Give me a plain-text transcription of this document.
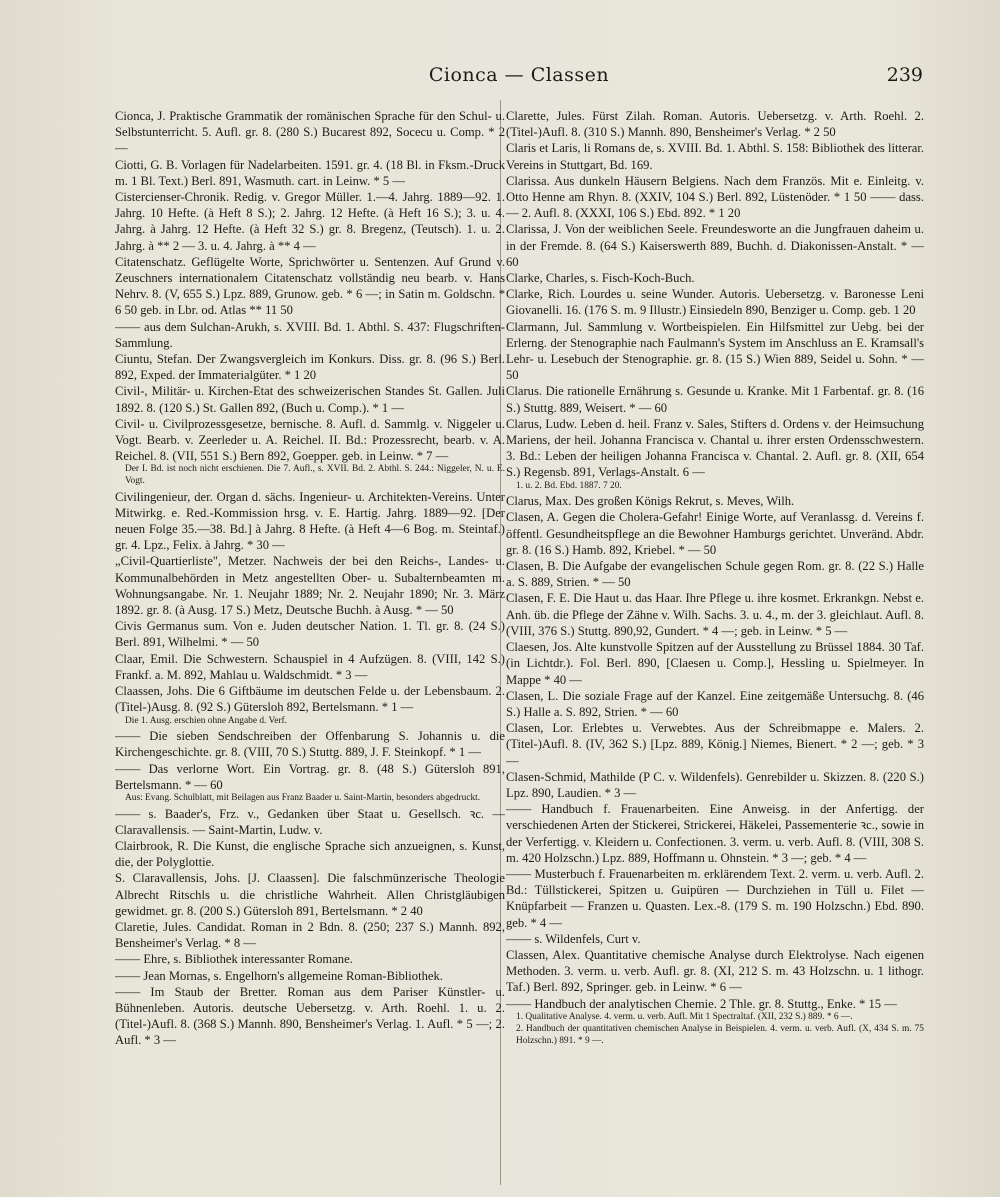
Cionca — Classen	239

Cionca, J. Praktische Grammatik der romänischen Sprache für den Schul- u. Selbstunterricht. 5. Aufl. gr. 8. (280 S.) Bucarest 892, Socecu u. Comp. * 2 —

Ciotti, G. B. Vorlagen für Nadelarbeiten. 1591. gr. 4. (18 Bl. in Fksm.-Druck m. 1 Bl. Text.) Berl. 891, Wasmuth. cart. in Leinw. * 5 —

Cistercienser-Chronik. Redig. v. Gregor Müller. 1.—4. Jahrg. 1889—92. 1. Jahrg. 10 Hefte. (à Heft 8 S.); 2. Jahrg. 12 Hefte. (à Heft 16 S.); 3. u. 4. Jahrg. à Jahrg. 12 Hefte. (à Heft 32 S.) gr. 8. Bregenz, (Teutsch). 1. u. 2. Jahrg. à ** 2 — 3. u. 4. Jahrg. à ** 4 —

Citatenschatz. Geflügelte Worte, Sprichwörter u. Sentenzen. Auf Grund v. Zeuschners internationalem Citatenschatz vollständig neu bearb. v. Hans Nehrv. 8. (V, 655 S.) Lpz. 889, Grunow. geb. * 6 —; in Satin m. Goldschn. * 6 50 geb. in Lbr. od. Atlas ** 11 50

—— aus dem Sulchan-Arukh, s. XVIII. Bd. 1. Abthl. S. 437: Flugschriften-Sammlung.

Ciuntu, Stefan. Der Zwangsvergleich im Konkurs. Diss. gr. 8. (96 S.) Berl. 892, Exped. der Immaterialgüter. * 1 20

Civil-, Militär- u. Kirchen-Etat des schweizerischen Standes St. Gallen. Juli 1892. 8. (120 S.) St. Gallen 892, (Buch u. Comp.). * 1 —

Civil- u. Civilprozessgesetze, bernische. 8. Aufl. d. Sammlg. v. Niggeler u. Vogt. Bearb. v. Zeerleder u. A. Reichel. II. Bd.: Prozessrecht, bearb. v. A. Reichel. 8. (VII, 551 S.) Bern 892, Goepper. geb. in Leinw. * 7 —

Der I. Bd. ist noch nicht erschienen. Die 7. Aufl., s. XVII. Bd. 2. Abthl. S. 244.: Niggeler, N. u. E. Vogt.

Civilingenieur, der. Organ d. sächs. Ingenieur- u. Architekten-Vereins. Unter Mitwirkg. e. Red.-Kommission hrsg. v. E. Hartig. Jahrg. 1889—92. [Der neuen Folge 35.—38. Bd.] à Jahrg. 8 Hefte. (à Heft 4—6 Bog. m. Steintaf.) gr. 4. Lpz., Felix. à Jahrg. * 30 —

„Civil-Quartierliste", Metzer. Nachweis der bei den Reichs-, Landes- u. Kommunalbehörden in Metz angestellten Ober- u. Subalternbeamten m. Wohnungsangabe. Nr. 1. Neujahr 1889; Nr. 2. Neujahr 1890; Nr. 3. März 1892. gr. 8. (à Ausg. 17 S.) Metz, Deutsche Buchh. à Ausg. * — 50

Civis Germanus sum. Von e. Juden deutscher Nation. 1. Tl. gr. 8. (24 S.) Berl. 891, Wilhelmi. * — 50

Claar, Emil. Die Schwestern. Schauspiel in 4 Aufzügen. 8. (VIII, 142 S.) Frankf. a. M. 892, Mahlau u. Waldschmidt. * 3 —

Claassen, Johs. Die 6 Giftbäume im deutschen Felde u. der Lebensbaum. 2. (Titel-)Ausg. 8. (92 S.) Gütersloh 892, Bertelsmann. * 1 —

Die 1. Ausg. erschien ohne Angabe d. Verf.

—— Die sieben Sendschreiben der Offenbarung S. Johannis u. die Kirchengeschichte. gr. 8. (VIII, 70 S.) Stuttg. 889, J. F. Steinkopf. * 1 —

—— Das verlorne Wort. Ein Vortrag. gr. 8. (48 S.) Gütersloh 891, Bertelsmann. * — 60

Aus: Evang. Schulblatt, mit Beilagen aus Franz Baader u. Saint-Martin, besonders abgedruckt.

—— s. Baader's, Frz. v., Gedanken über Staat u. Gesellsch. ꝛc. — Claravallensis. — Saint-Martin, Ludw. v.

Clairbrook, R. Die Kunst, die englische Sprache sich anzueignen, s. Kunst, die, der Polyglottie.

S. Claravallensis, Johs. [J. Claassen]. Die falschmünzerische Theologie Albrecht Ritschls u. die christliche Wahrheit. Allen Christgläubigen gewidmet. gr. 8. (200 S.) Gütersloh 891, Bertelsmann. * 2 40

Claretie, Jules. Candidat. Roman in 2 Bdn. 8. (250; 237 S.) Mannh. 892, Bensheimer's Verlag. * 8 —

—— Ehre, s. Bibliothek interessanter Romane.

—— Jean Mornas, s. Engelhorn's allgemeine Roman-Bibliothek.

—— Im Staub der Bretter. Roman aus dem Pariser Künstler- u. Bühnenleben. Autoris. deutsche Uebersetzg. v. Arth. Roehl. 1. u. 2. (Titel-)Aufl. 8. (368 S.) Mannh. 890, Bensheimer's Verlag. 1. Aufl. * 5 —; 2. Aufl. * 3 —

Clarette, Jules. Fürst Zilah. Roman. Autoris. Uebersetzg. v. Arth. Roehl. 2. (Titel-)Aufl. 8. (310 S.) Mannh. 890, Bensheimer's Verlag. * 2 50

Claris et Laris, li Romans de, s. XVIII. Bd. 1. Abthl. S. 158: Bibliothek des litterar. Vereins in Stuttgart, Bd. 169.

Clarissa. Aus dunkeln Häusern Belgiens. Nach dem Französ. Mit e. Einleitg. v. Otto Henne am Rhyn. 8. (XXIV, 104 S.) Berl. 892, Lüstenöder. * 1 50 —— dass. — 2. Aufl. 8. (XXXI, 106 S.) Ebd. 892. * 1 20

Clarissa, J. Von der weiblichen Seele. Freundesworte an die Jungfrauen daheim u. in der Fremde. 8. (64 S.) Kaiserswerth 889, Buchh. d. Diakonissen-Anstalt. * — 60

Clarke, Charles, s. Fisch-Koch-Buch.

Clarke, Rich. Lourdes u. seine Wunder. Autoris. Uebersetzg. v. Baronesse Leni Giovanelli. 16. (176 S. m. 9 Illustr.) Einsiedeln 890, Benziger u. Comp. geb. 1 20

Clarmann, Jul. Sammlung v. Wortbeispielen. Ein Hilfsmittel zur Uebg. bei der Erlerng. der Stenographie nach Faulmann's System im Anschluss an E. Kramsall's Lehr- u. Lesebuch der Stenographie. gr. 8. (15 S.) Wien 889, Seidel u. Sohn. * — 50

Clarus. Die rationelle Ernährung s. Gesunde u. Kranke. Mit 1 Farbentaf. gr. 8. (16 S.) Stuttg. 889, Weisert. * — 60

Clarus, Ludw. Leben d. heil. Franz v. Sales, Stifters d. Ordens v. der Heimsuchung Mariens, der heil. Johanna Francisca v. Chantal u. ihrer ersten Ordensschwestern. 3. Bd.: Leben der heiligen Johanna Francisca v. Chantal. 2. Aufl. gr. 8. (XII, 654 S.) Regensb. 891, Verlags-Anstalt. 6 —

1. u. 2. Bd. Ebd. 1887. 7 20.

Clarus, Max. Des großen Königs Rekrut, s. Meves, Wilh.

Clasen, A. Gegen die Cholera-Gefahr! Einige Worte, auf Veranlassg. d. Vereins f. öffentl. Gesundheitspflege an die Bewohner Hamburgs gerichtet. Unveränd. Abdr. gr. 8. (16 S.) Hamb. 892, Kriebel. * — 50

Clasen, B. Die Aufgabe der evangelischen Schule gegen Rom. gr. 8. (22 S.) Halle a. S. 889, Strien. * — 50

Clasen, F. E. Die Haut u. das Haar. Ihre Pflege u. ihre kosmet. Erkrankgn. Nebst e. Anh. üb. die Pflege der Zähne v. Wilh. Sachs. 3. u. 4., m. der 3. gleichlaut. Aufl. 8. (VIII, 376 S.) Stuttg. 890,92, Gundert. * 4 —; geb. in Leinw. * 5 —

Claesen, Jos. Alte kunstvolle Spitzen auf der Ausstellung zu Brüssel 1884. 30 Taf. (in Lichtdr.). Fol. Berl. 890, [Claesen u. Comp.], Hessling u. Spielmeyer. In Mappe * 40 —

Clasen, L. Die soziale Frage auf der Kanzel. Eine zeitgemäße Untersuchg. 8. (46 S.) Halle a. S. 892, Strien. * — 60

Clasen, Lor. Erlebtes u. Verwebtes. Aus der Schreibmappe e. Malers. 2. (Titel-)Aufl. 8. (IV, 362 S.) [Lpz. 889, König.] Niemes, Bienert. * 2 —; geb. * 3 —

Clasen-Schmid, Mathilde (P C. v. Wildenfels). Genrebilder u. Skizzen. 8. (220 S.) Lpz. 890, Laudien. * 3 —

—— Handbuch f. Frauenarbeiten. Eine Anweisg. in der Anfertigg. der verschiedenen Arten der Stickerei, Strickerei, Häkelei, Passementerie ꝛc., sowie in der Verfertigg. v. Kleidern u. Confectionen. 3. verm. u. verb. Aufl. 8. (VIII, 308 S. m. 420 Holzschn.) Lpz. 889, Hoffmann u. Ohnstein. * 3 —; geb. * 4 —

—— Musterbuch f. Frauenarbeiten m. erklärendem Text. 2. verm. u. verb. Aufl. 2. Bd.: Tüllstickerei, Spitzen u. Guipüren — Durchziehen in Tüll u. Filet — Knüpfarbeit — Franzen u. Quasten. Lex.-8. (179 S. m. 190 Holzschn.) Ebd. 890. geb. * 4 —

—— s. Wildenfels, Curt v.

Classen, Alex. Quantitative chemische Analyse durch Elektrolyse. Nach eigenen Methoden. 3. verm. u. verb. Aufl. gr. 8. (XI, 212 S. m. 43 Holzschn. u. 1 lithogr. Taf.) Berl. 892, Springer. geb. in Leinw. * 6 —

—— Handbuch der analytischen Chemie. 2 Thle. gr. 8. Stuttg., Enke. * 15 —

1. Qualitative Analyse. 4. verm. u. verb. Aufl. Mit 1 Spectraltaf. (XII, 232 S.) 889. * 6 —.

2. Handbuch der quantitativen chemischen Analyse in Beispielen. 4. verm. u. verb. Aufl. (X, 434 S. m. 75 Holzschn.) 891. * 9 —.
